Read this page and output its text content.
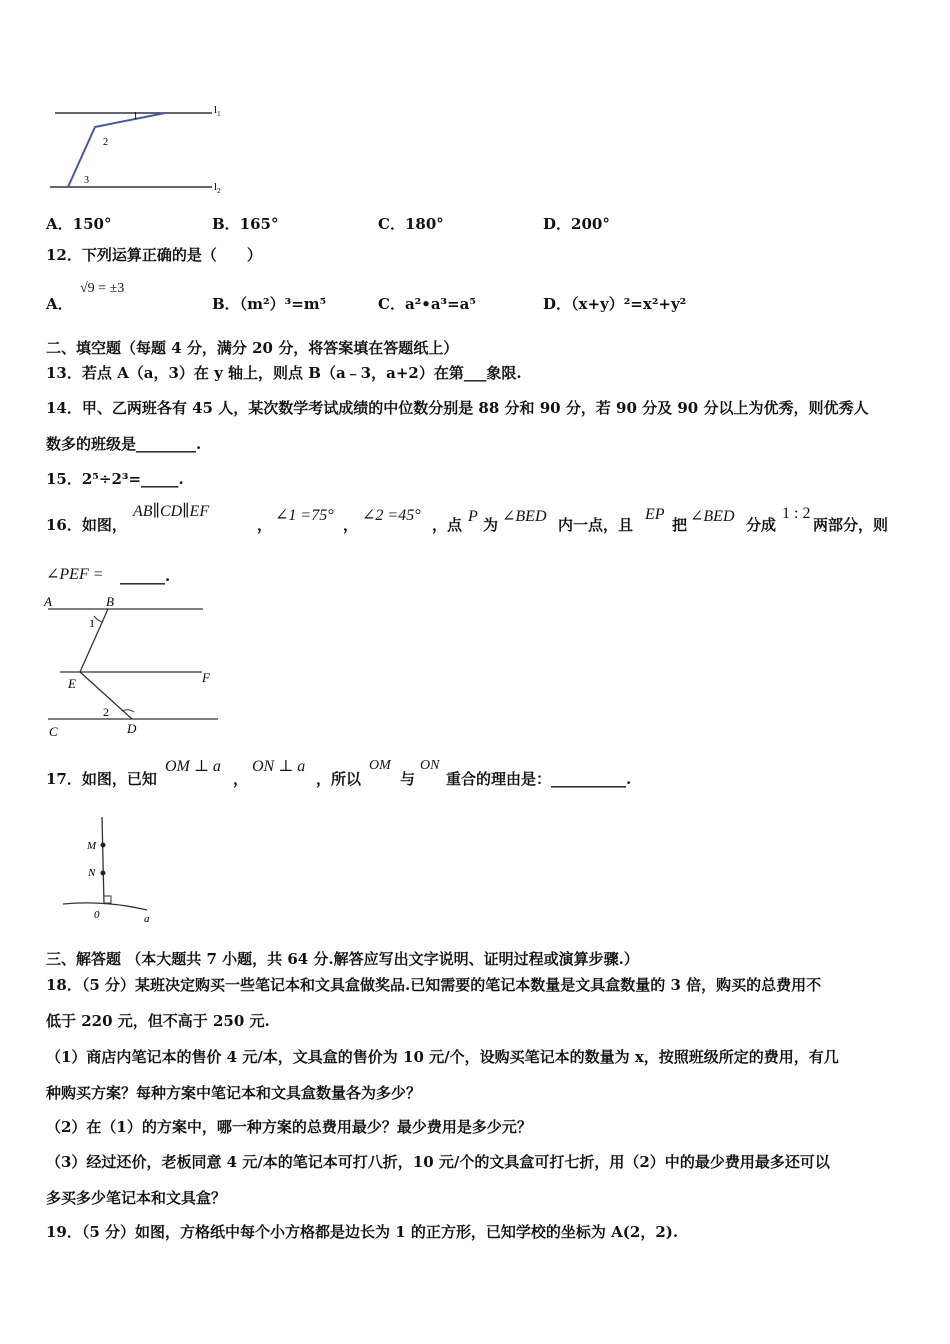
$l_1$
$l_2$
1
2
3
A．150°	B．165°	C．180°	D．200°
12．下列运算正确的是（　　）
A．
√9 = ±3
B．（m²）³=m⁵	C．a²•a³=a⁵	D．（x+y）²=x²+y²
二、填空题（每题 4 分，满分 20 分，将答案填在答题纸上）
13．若点 A（a，3）在 y 轴上，则点 B（a﹣3，a+2）在第___象限.
14．甲、乙两班各有 45 人，某次数学考试成绩的中位数分别是 88 分和 90 分，若 90 分及 90 分以上为优秀，则优秀人
数多的班级是________.
15．2⁵÷2³=_____.
16．如图，
AB∥CD∥EF
，
∠1 =75°
，
∠2 =45°
，点 P 为 ∠BED 内一点，且
EP
把 ∠BED 分成
1 : 2
两部分，则
∠PEF = ______.
A	B
F
E
C	D
1
2
17．如图，已知
OM ⊥ a
，
ON ⊥ a
，所以
OM
与
ON
重合的理由是：__________.
M
N
0	a
三、解答题 （本大题共 7 小题，共 64 分.解答应写出文字说明、证明过程或演算步骤.）
18．（5 分）某班决定购买一些笔记本和文具盒做奖品.已知需要的笔记本数量是文具盒数量的 3 倍，购买的总费用不
低于 220 元，但不高于 250 元.
（1）商店内笔记本的售价 4 元/本，文具盒的售价为 10 元/个，设购买笔记本的数量为 x，按照班级所定的费用，有几
种购买方案？每种方案中笔记本和文具盒数量各为多少？
（2）在（1）的方案中，哪一种方案的总费用最少？最少费用是多少元？
（3）经过还价，老板同意 4 元/本的笔记本可打八折，10 元/个的文具盒可打七折，用（2）中的最少费用最多还可以
多买多少笔记本和文具盒？
19．（5 分）如图，方格纸中每个小方格都是边长为 1 的正方形，已知学校的坐标为 A(2，2).
